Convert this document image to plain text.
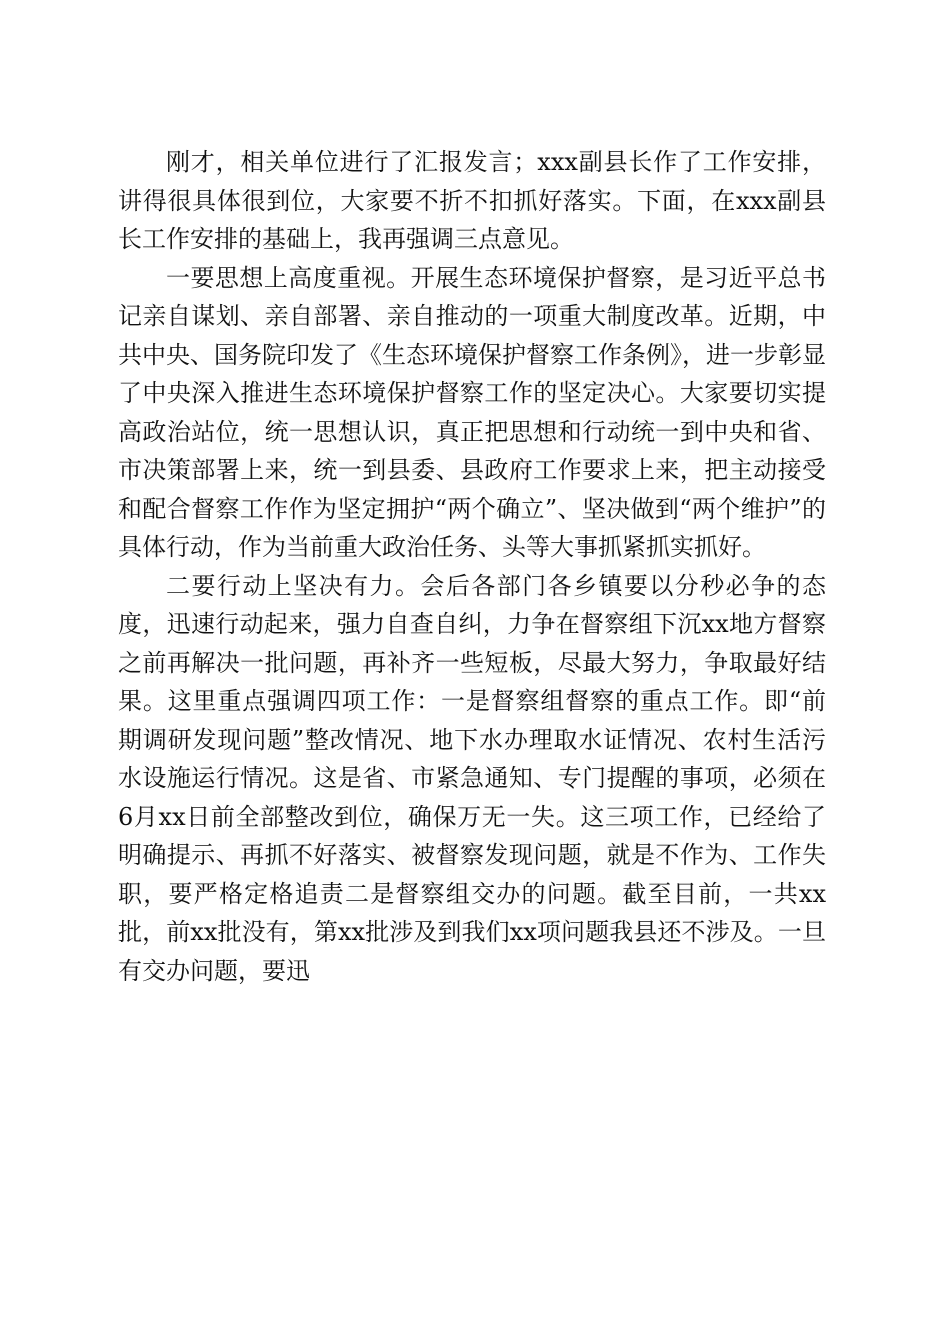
刚才，相关单位进行了汇报发言；xxx副县长作了工作安排，讲得很具体很到位，大家要不折不扣抓好落实。下面，在xxx副县长工作安排的基础上，我再强调三点意见。

一要思想上高度重视。开展生态环境保护督察，是习近平总书记亲自谋划、亲自部署、亲自推动的一项重大制度改革。近期，中共中央、国务院印发了《生态环境保护督察工作条例》，进一步彰显了中央深入推进生态环境保护督察工作的坚定决心。大家要切实提高政治站位，统一思想认识，真正把思想和行动统一到中央和省、市决策部署上来，统一到县委、县政府工作要求上来，把主动接受和配合督察工作作为坚定拥护“两个确立”、坚决做到“两个维护”的具体行动，作为当前重大政治任务、头等大事抓紧抓实抓好。

二要行动上坚决有力。会后各部门各乡镇要以分秒必争的态度，迅速行动起来，强力自查自纠，力争在督察组下沉xx地方督察之前再解决一批问题，再补齐一些短板，尽最大努力，争取最好结果。这里重点强调四项工作：一是督察组督察的重点工作。即“前期调研发现问题”整改情况、地下水办理取水证情况、农村生活污水设施运行情况。这是省、市紧急通知、专门提醒的事项，必须在6月xx日前全部整改到位，确保万无一失。这三项工作，已经给了明确提示、再抓不好落实、被督察发现问题，就是不作为、工作失职，要严格定格追责二是督察组交办的问题。截至目前，一共xx批，前xx批没有，第xx批涉及到我们xx项问题我县还不涉及。一旦有交办问题，要迅
